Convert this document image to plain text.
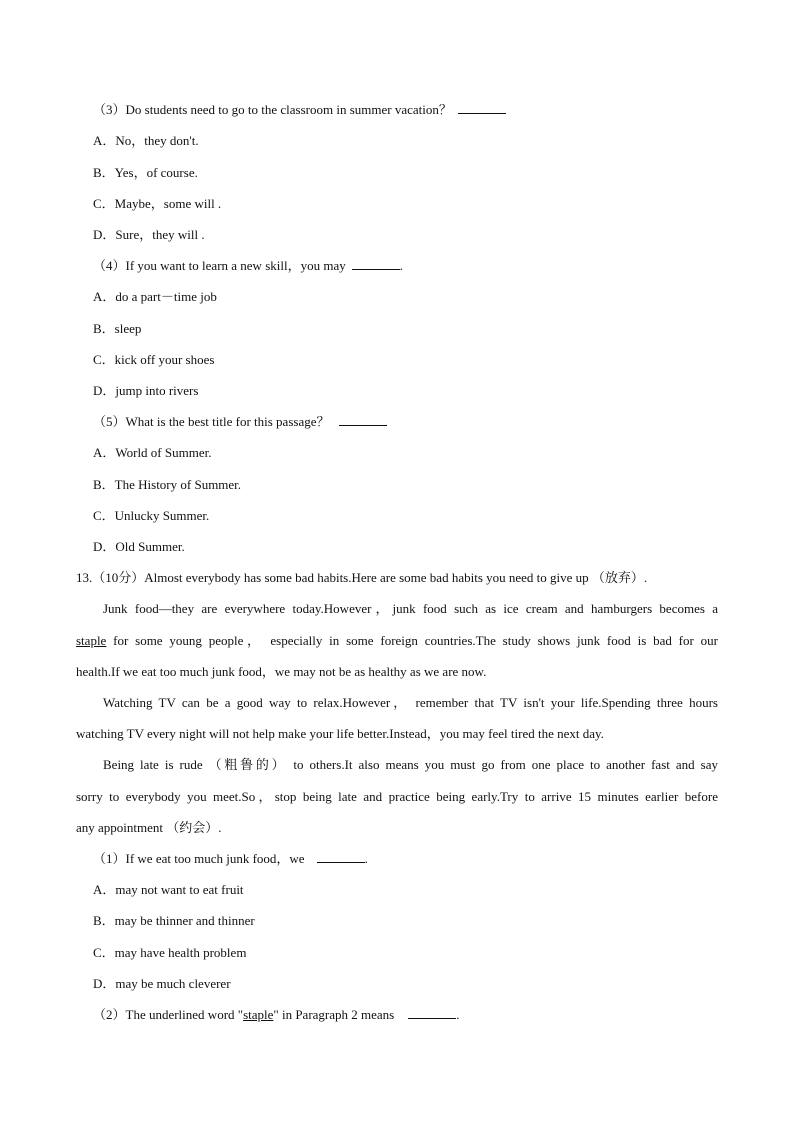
（3）Do students need to go to the classroom in summer vacation？
A．No，they don't.
B．Yes，of course.
C．Maybe，some will .
D．Sure，they will .
（4）If you want to learn a new skill，you may	.
A．do a part－time job
B．sleep
C．kick off your shoes
D．jump into rivers
（5）What is the best title for this passage？
A．World of Summer.
B．The History of Summer.
C．Unlucky Summer.
D．Old Summer.
13.（10分）Almost everybody has some bad habits.Here are some bad habits you need to give up （放弃）.
Junk food—they are everywhere today.However，junk food such as ice cream and hamburgers becomes a
staple for some young people， especially in some foreign countries.The study shows junk food is bad for our
health.If we eat too much junk food，we may not be as healthy as we are now.
Watching TV can be a good way to relax.However， remember that TV isn't your life.Spending three hours
watching TV every night will not help make your life better.Instead，you may feel tired the next day.
Being late is rude （粗鲁的） to others.It also means you must go from one place to another fast and say
sorry to everybody you meet.So，stop being late and practice being early.Try to arrive 15 minutes earlier before
any appointment （约会）.
（1）If we eat too much junk food，we	.
A．may not want to eat fruit
B．may be thinner and thinner
C．may have health problem
D．may be much cleverer
（2）The underlined word "staple" in Paragraph 2 means	.
